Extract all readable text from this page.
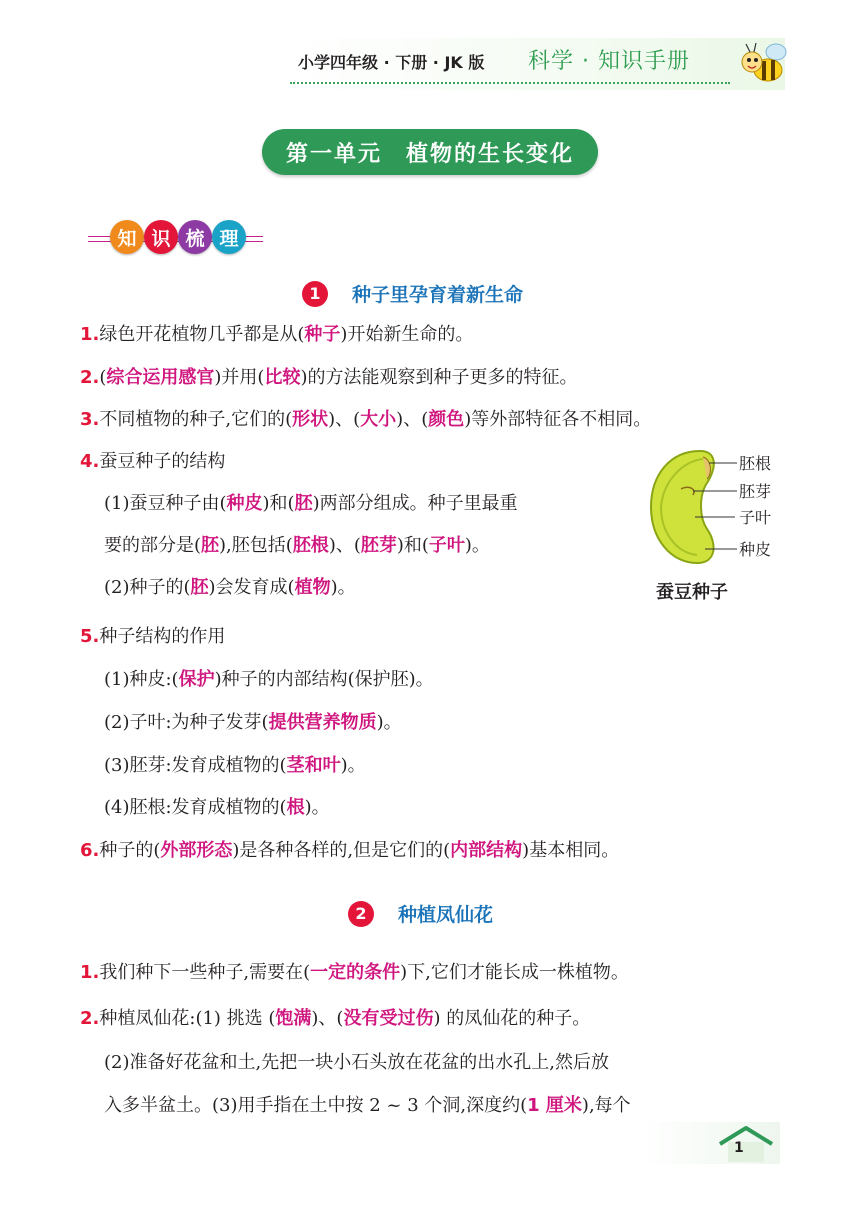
小学四年级 · 下册 · JK 版 科学 · 知识手册
第一单元　植物的生长变化
知 识 梳 理
1	种子里孕育着新生命
1.绿色开花植物几乎都是从(种子)开始新生命的。
2.(综合运用感官)并用(比较)的方法能观察到种子更多的特征。
3.不同植物的种子,它们的(形状)、(大小)、(颜色)等外部特征各不相同。
4.蚕豆种子的结构
(1)蚕豆种子由(种皮)和(胚)两部分组成。种子里最重
要的部分是(胚),胚包括(胚根)、(胚芽)和(子叶)。
(2)种子的(胚)会发育成(植物)。
5.种子结构的作用
(1)种皮:(保护)种子的内部结构(保护胚)。
(2)子叶:为种子发芽(提供营养物质)。
(3)胚芽:发育成植物的(茎和叶)。
(4)胚根:发育成植物的(根)。
6.种子的(外部形态)是各种各样的,但是它们的(内部结构)基本相同。
胚根
胚芽
子叶
种皮
蚕豆种子
2	种植凤仙花
1.我们种下一些种子,需要在(一定的条件)下,它们才能长成一株植物。
2.种植凤仙花:(1) 挑选 (饱满)、(没有受过伤) 的凤仙花的种子。
(2)准备好花盆和土,先把一块小石头放在花盆的出水孔上,然后放
入多半盆土。(3)用手指在土中按 2 ~ 3 个洞,深度约(1 厘米),每个
1
